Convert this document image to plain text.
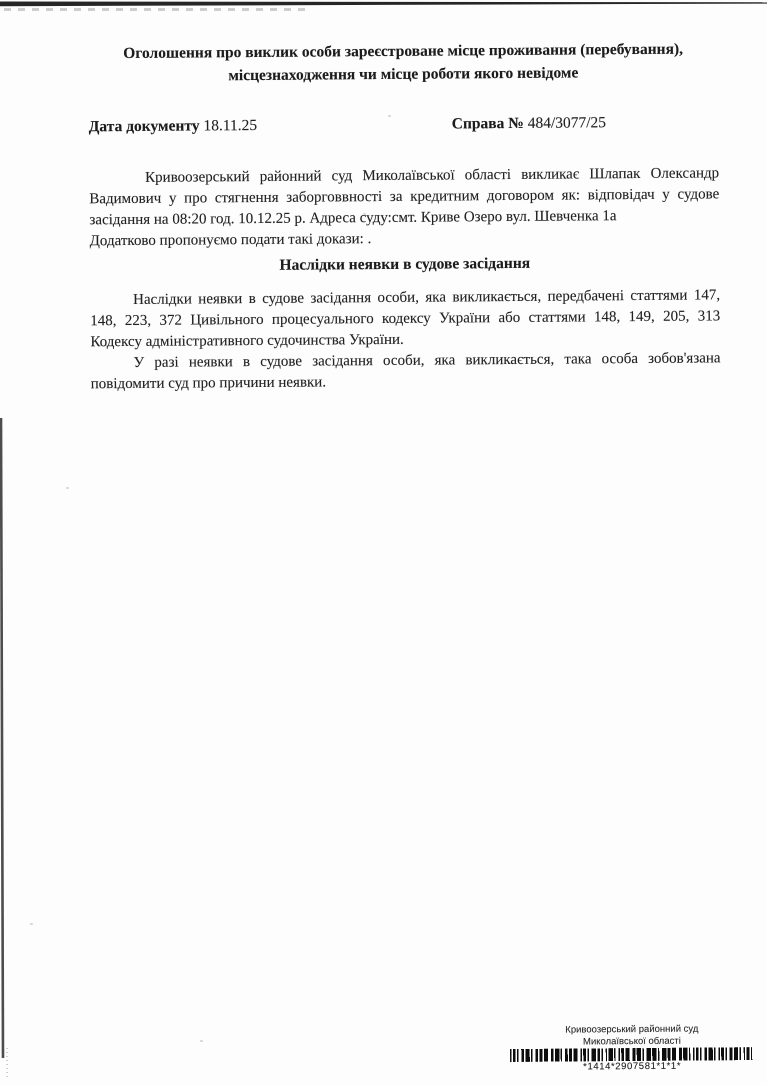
Оголошення про виклик особи зареєстроване місце проживання (перебування),
місцезнаходження чи місце роботи якого невідоме
Дата документу 18.11.25	Справа № 484/3077/25
Кривоозерський районний суд Миколаївської області викликає Шлапак Олександр
Вадимович у про стягнення заборговвності за кредитним договором як: відповідач у судове
засідання на 08:20 год. 10.12.25 р. Адреса суду:смт. Криве Озеро вул. Шевченка 1а
Додатково пропонуємо подати такі докази: .
Наслідки неявки в судове засідання
Наслідки неявки в судове засідання особи, яка викликається, передбачені статтями 147,
148, 223, 372 Цивільного процесуального кодексу України або статтями 148, 149, 205, 313
Кодексу адміністративного судочинства України.
У разі неявки в судове засідання особи, яка викликається, така особа зобов'язана
повідомити суд про причини неявки.
Кривоозерський районний суд
Миколаївської області
*1414*2907581*1*1*
